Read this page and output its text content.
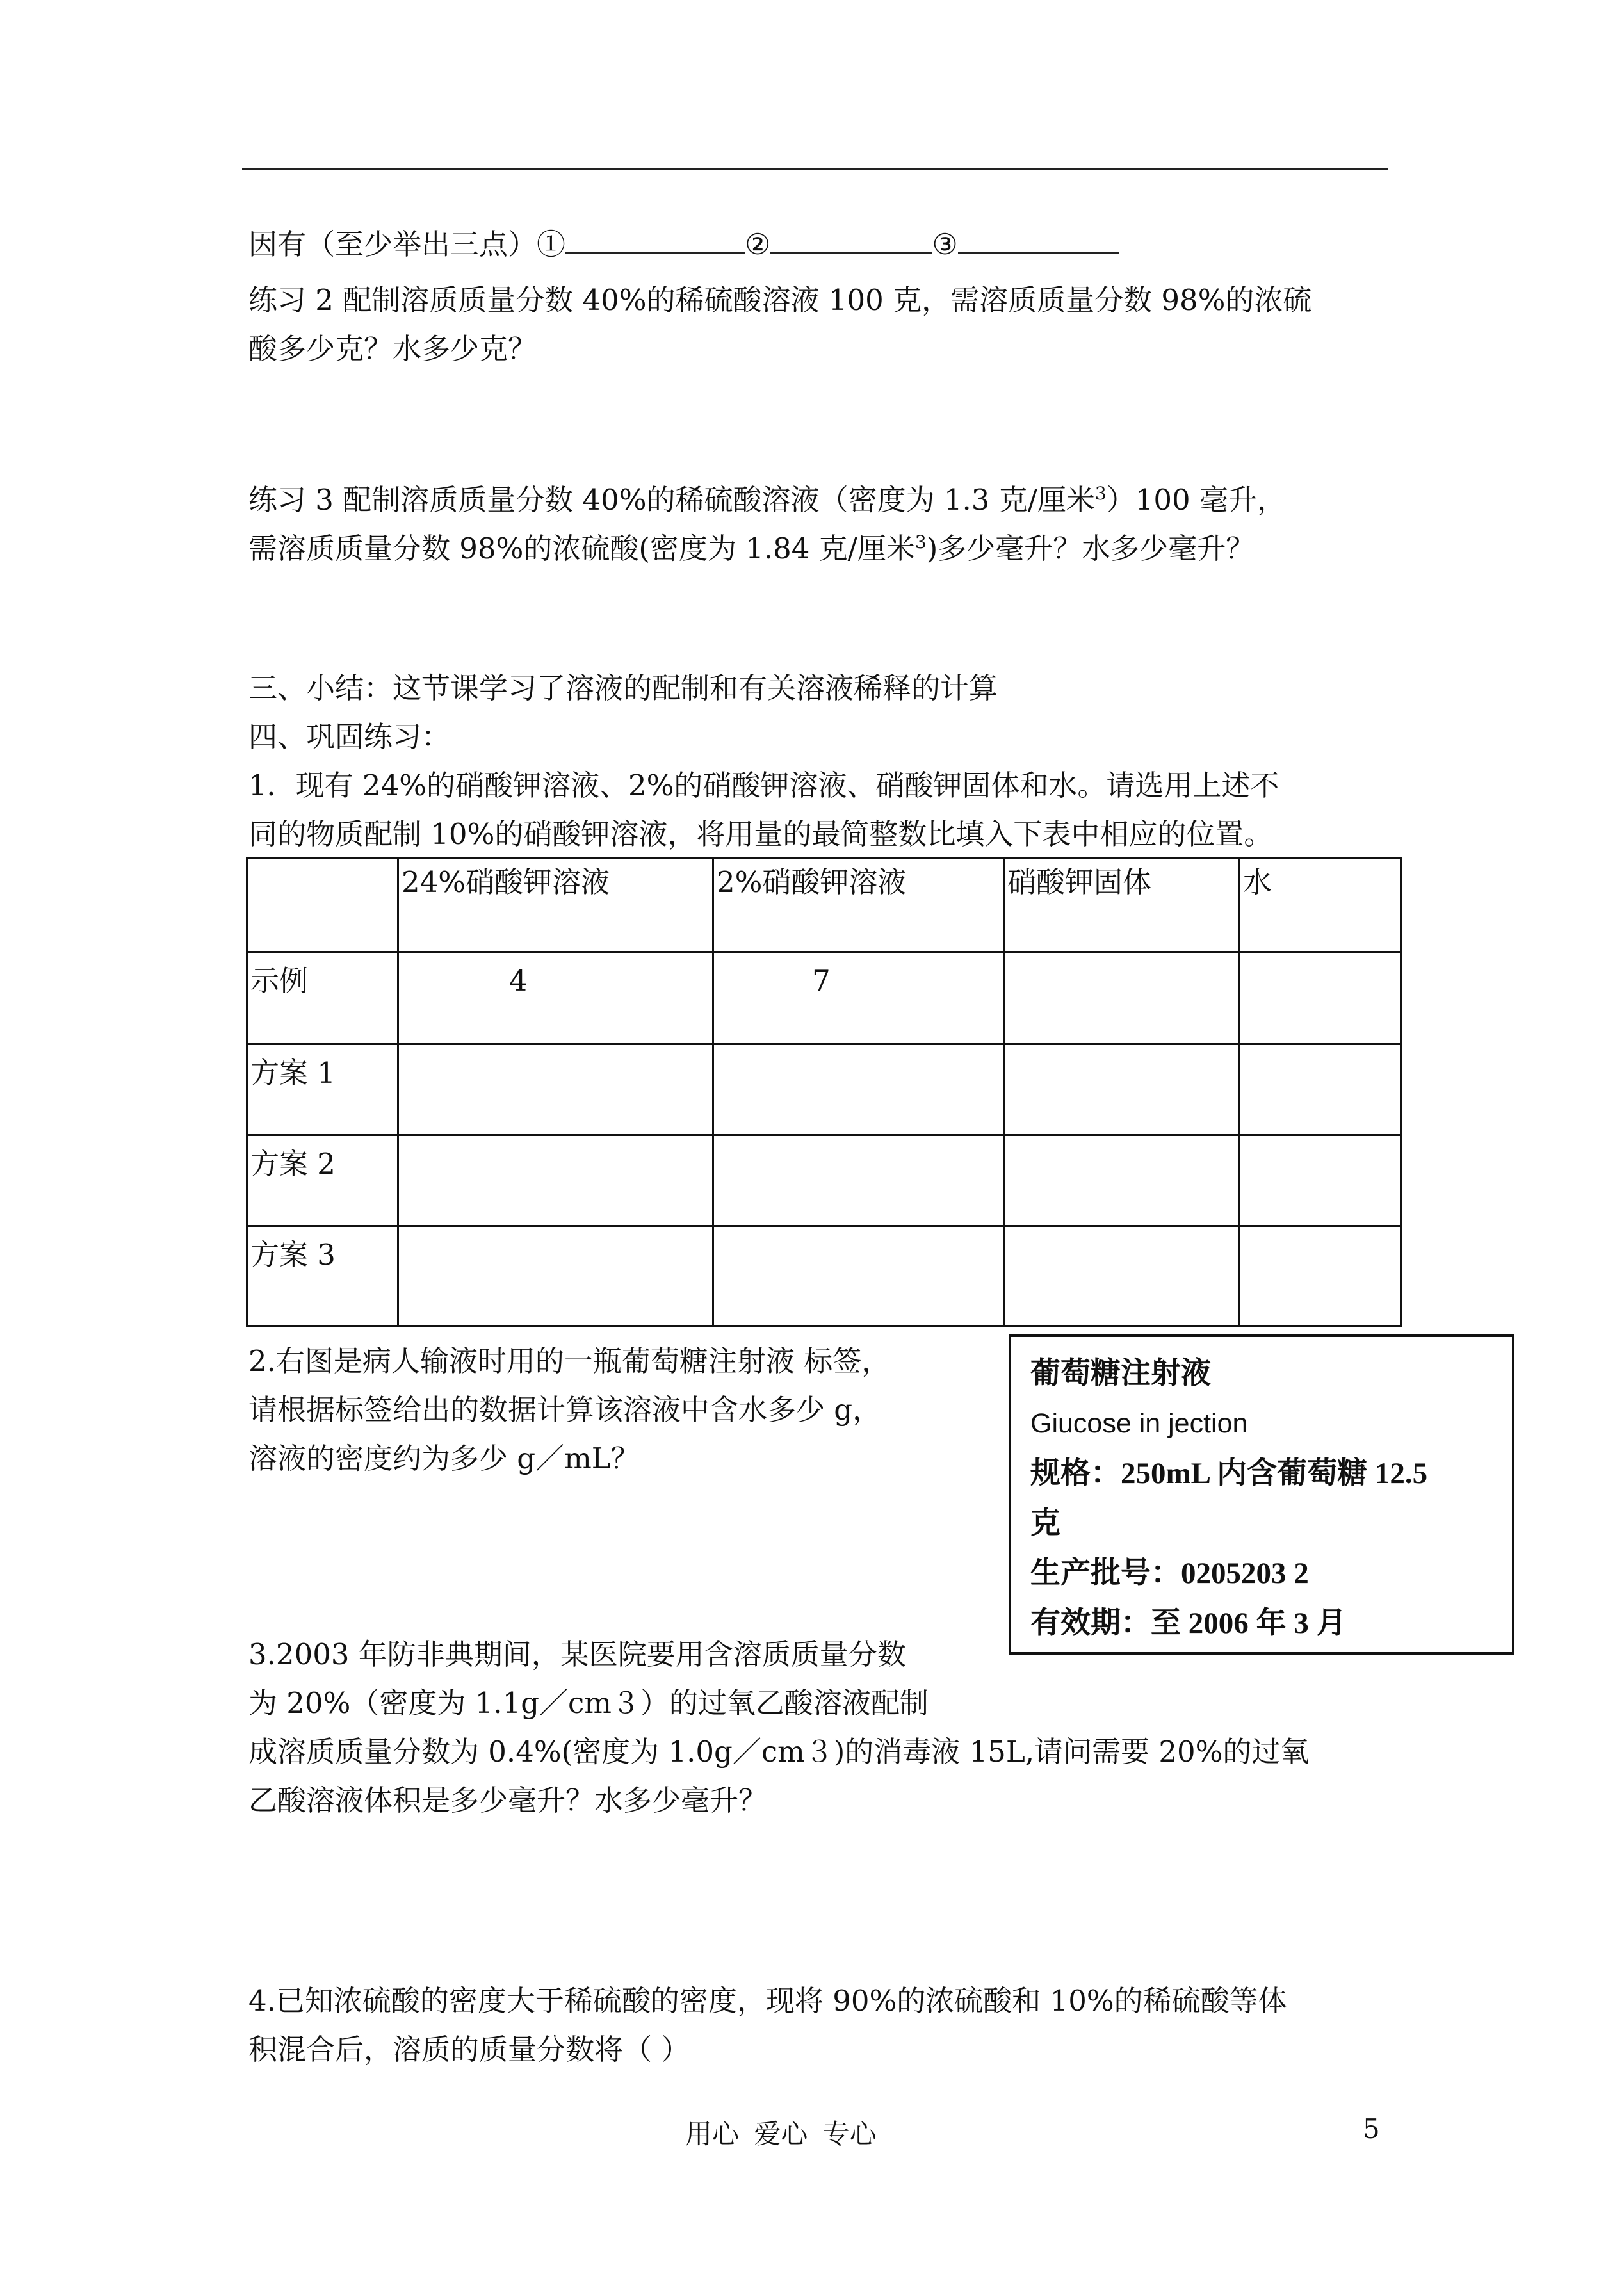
因有（至少举出三点）①	②	③
练习 2 配制溶质质量分数 40%的稀硫酸溶液 100 克，需溶质质量分数 98%的浓硫
酸多少克？水多少克？
练习 3 配制溶质质量分数 40%的稀硫酸溶液（密度为 1.3 克/厘米$^3$）100 毫升，
需溶质质量分数 98%的浓硫酸(密度为 1.84 克/厘米$^3$)多少毫升？水多少毫升？
三、小结：这节课学习了溶液的配制和有关溶液稀释的计算
四、巩固练习：
1．现有 24%的硝酸钾溶液、2%的硝酸钾溶液、硝酸钾固体和水。请选用上述不
同的物质配制 10%的硝酸钾溶液，将用量的最简整数比填入下表中相应的位置。

	24%硝酸钾溶液	2%硝酸钾溶液	硝酸钾固体	水

示例	4	7		

方案 1				

方案 2				

方案 3				

2.右图是病人输液时用的一瓶葡萄糖注射液 标签，
请根据标签给出的数据计算该溶液中含水多少 g，
溶液的密度约为多少 g／mL？
葡萄糖注射液
Giucose in jection
规格：250mL 内含葡萄糖 12.5
克
生产批号：0205203 2
有效期：至 2006 年 3 月
3.2003 年防非典期间，某医院要用含溶质质量分数
为 20%（密度为 1.1g／cm３）的过氧乙酸溶液配制
成溶质质量分数为 0.4%(密度为 1.0g／cm３)的消毒液 15L,请问需要 20%的过氧
乙酸溶液体积是多少毫升？水多少毫升？
4.已知浓硫酸的密度大于稀硫酸的密度，现将 90%的浓硫酸和 10%的稀硫酸等体
积混合后，溶质的质量分数将（ ）
用心 爱心 专心	5
